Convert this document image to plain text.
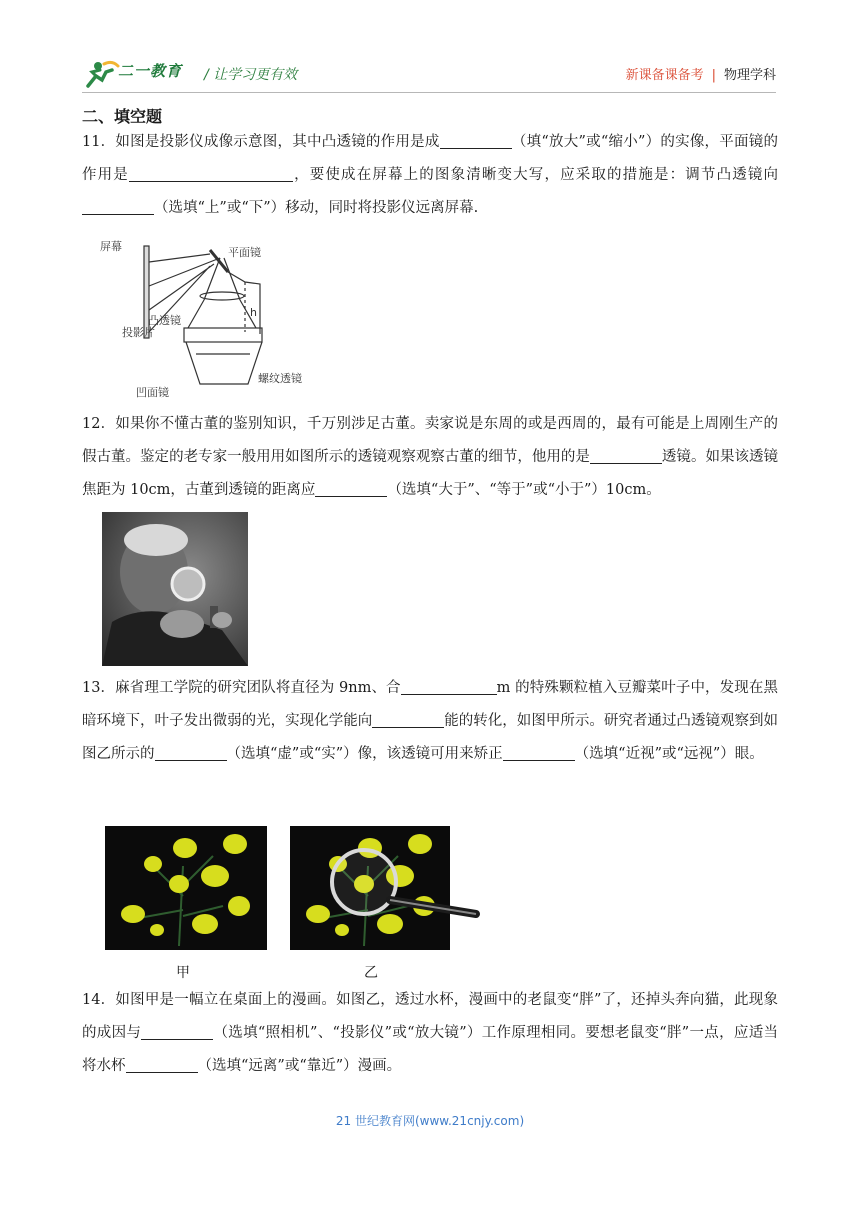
二一教育 / 让学习更有效	新课备课备考 | 物理学科
二、填空题
11．如图是投影仪成像示意图，其中凸透镜的作用是成	（填“放大”或“缩小”）的实像，平面镜的作用是	，要使成在屏幕上的图象清晰变大写，应采取的措施是：调节凸透镜向（选填“上”或“下”）移动，同时将投影仪远离屏幕.
屏幕	平面镜
凸透镜
投影片
h
螺纹透镜
凹面镜
12．如果你不懂古董的鉴别知识，千万别涉足古董。卖家说是东周的或是西周的，最有可能是上周刚生产的假古董。鉴定的老专家一般用用如图所示的透镜观察观察古董的细节，他用的是	透镜。如果该透镜焦距为 10cm，古董到透镜的距离应	（选填“大于”、“等于”或“小于”）10cm。
13．麻省理工学院的研究团队将直径为 9nm、合	m 的特殊颗粒植入豆瓣菜叶子中，发现在黑暗环境下，叶子发出微弱的光，实现化学能向	能的转化，如图甲所示。研究者通过凸透镜观察到如图乙所示的	（选填“虚”或“实”）像，该透镜可用来矫正	（选填“近视”或“远视”）眼。
甲	乙
14．如图甲是一幅立在桌面上的漫画。如图乙，透过水杯，漫画中的老鼠变“胖”了，还掉头奔向猫，此现象的成因与	（选填“照相机”、“投影仪”或“放大镜”）工作原理相同。要想老鼠变“胖”一点，应适当将水杯	（选填“远离”或“靠近”）漫画。
21 世纪教育网(www.21cnjy.com)
